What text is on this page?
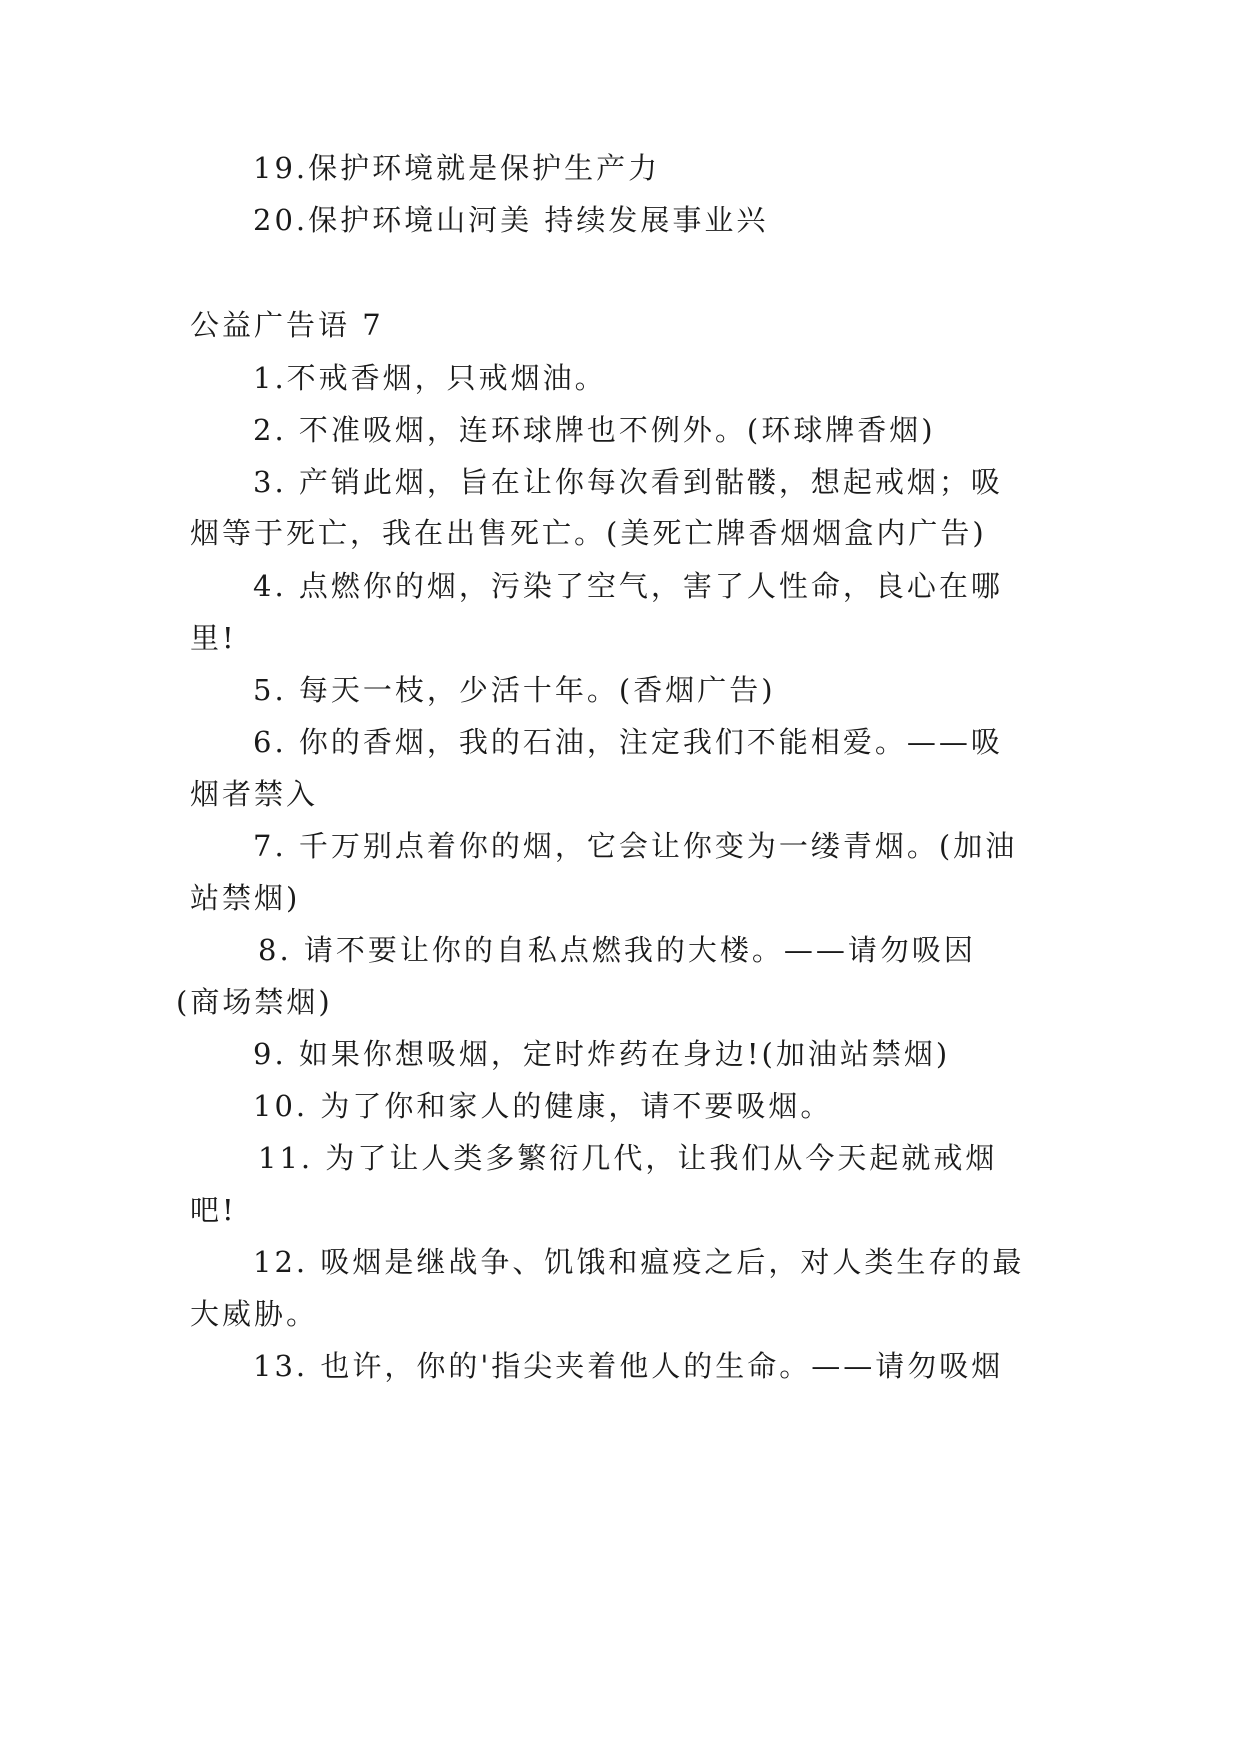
19.保护环境就是保护生产力
20.保护环境山河美 持续发展事业兴
公益广告语 7
1.不戒香烟，只戒烟油。
2. 不准吸烟，连环球牌也不例外。(环球牌香烟)
3. 产销此烟，旨在让你每次看到骷髅，想起戒烟；吸
烟等于死亡，我在出售死亡。(美死亡牌香烟烟盒内广告)
4. 点燃你的烟，污染了空气，害了人性命，良心在哪
里!
5. 每天一枝，少活十年。(香烟广告)
6. 你的香烟，我的石油，注定我们不能相爱。——吸
烟者禁入
7. 千万别点着你的烟，它会让你变为一缕青烟。(加油
站禁烟)
8. 请不要让你的自私点燃我的大楼。——请勿吸因
(商场禁烟)
9. 如果你想吸烟，定时炸药在身边!(加油站禁烟)
10. 为了你和家人的健康，请不要吸烟。
11. 为了让人类多繁衍几代，让我们从今天起就戒烟
吧!
12. 吸烟是继战争、饥饿和瘟疫之后，对人类生存的最
大威胁。
13. 也许，你的'指尖夹着他人的生命。——请勿吸烟
